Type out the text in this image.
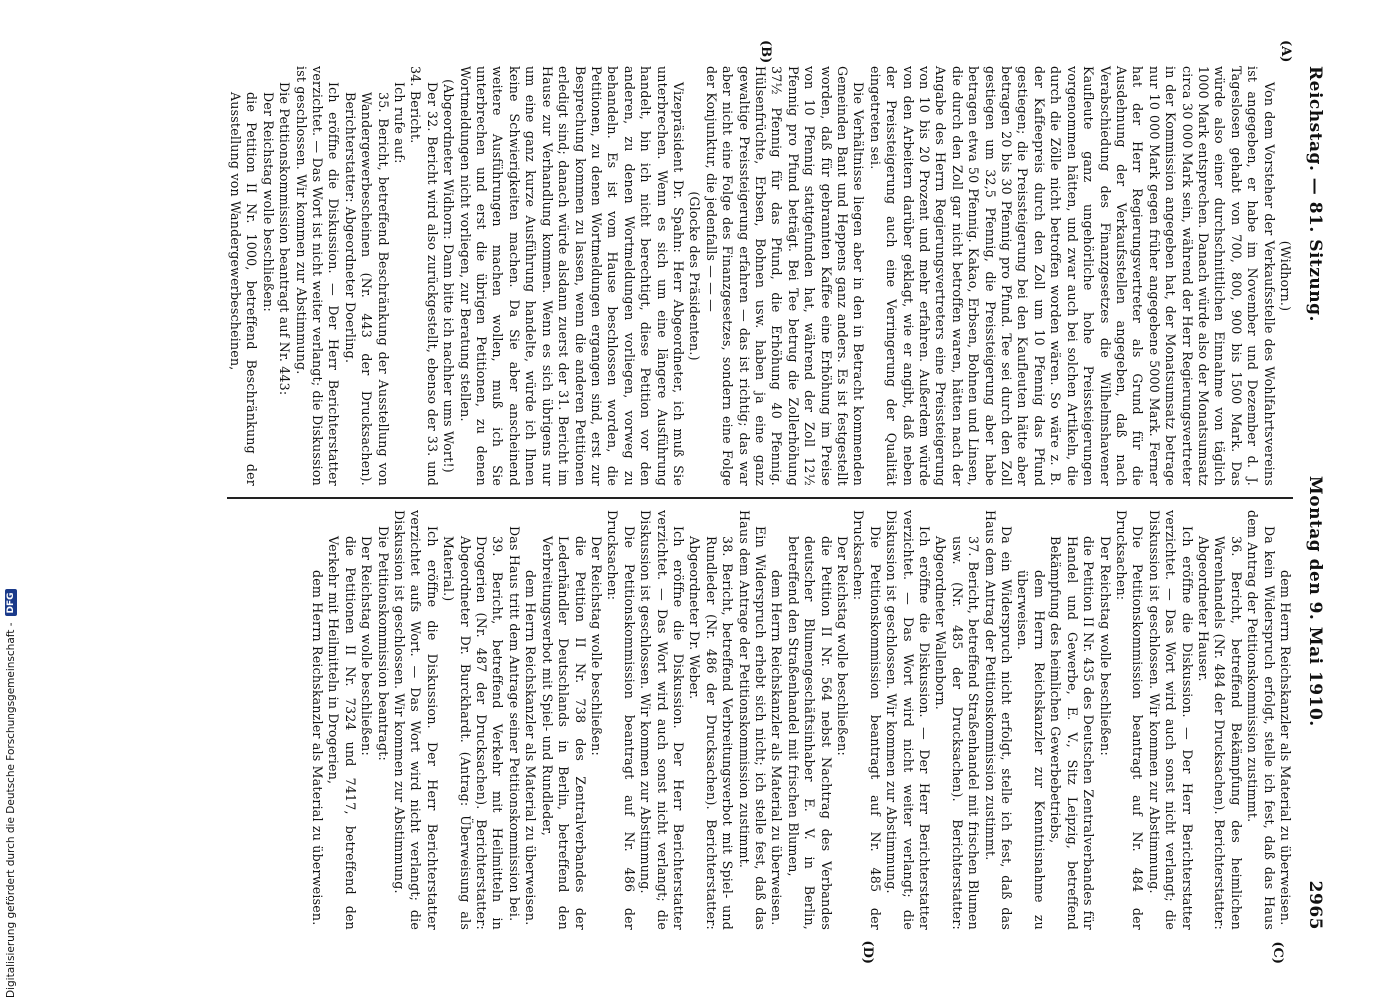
Reichstag. — 81. Sitzung.
Montag den 9. Mai 1910.
2965
(A)
(B)
(C)
(D)

(Widhorn.)

Von dem Vorsteher der Verkaufsstelle des Wohlfahrtsvereins ist angegeben, er habe im November und Dezember d. J. Tageslosen gehabt von 700, 800, 900 bis 1500 Mark. Das würde also einer durchschnittlichen Einnahme von täglich 1000 Mark entsprechen. Danach würde also der Monatsumsatz circa 30 000 Mark sein, während der Herr Regierungsvertreter in der Kommission angegeben hat, der Monatsumsatz betrage nur 10 000 Mark gegen früher angegebene 5000 Mark. Ferner hat der Herr Regierungsvertreter als Grund für die Ausdehnung der Verkaufsstellen angegeben, daß nach Verabschiedung des Finanzgesetzes die Wilhelmshavener Kaufleute ganz ungehörliche hohe Preissteigerungen vorgenommen hätten, und zwar auch bei solchen Artikeln, die durch die Zölle nicht betroffen worden wären. So wäre z. B. der Kaffeepreis durch den Zoll um 10 Pfennig das Pfund gestiegen; die Preissteigerung bei den Kaufleuten hätte aber betragen 20 bis 30 Pfennig pro Pfund. Tee sei durch den Zoll gestiegen um 32,5 Pfennig, die Preissteigerung aber habe betragen etwa 50 Pfennig. Kakao, Erbsen, Bohnen und Linsen, die durch den Zoll gar nicht betroffen waren, hätten nach der Angabe des Herrn Regierungsvertreters eine Preissteigerung von 10 bis 20 Prozent und mehr erfahren. Außerdem würde von den Arbeitern darüber geklagt, wie er angibt, daß neben der Preissteigerung auch eine Verringerung der Qualität eingetreten sei.

Die Verhältnisse liegen aber in den in Betracht kommenden Gemeinden Bant und Heppens ganz anders. Es ist festgestellt worden, daß für gebrannten Kaffee eine Erhöhung im Preise von 10 Pfennig stattgefunden hat, während der Zoll 12½ Pfennig pro Pfund beträgt. Bei Tee betrug die Zollerhöhung 37½ Pfennig für das Pfund, die Erhöhung 40 Pfennig. Hülsenfrüchte, Erbsen, Bohnen usw. haben ja eine ganz gewaltige Preissteigerung erfahren — das ist richtig; das war aber nicht eine Folge des Finanzgesetzes, sondern eine Folge der Konjunktur, die jedenfalls — — —

(Glocke des Präsidenten.)

Vizepräsident Dr. Spahn: Herr Abgeordneter, ich muß Sie unterbrechen. Wenn es sich um eine längere Ausführung handelt, bin ich nicht berechtigt, diese Petition vor den anderen, zu denen Wortmeldungen vorliegen, vorweg zu behandeln. Es ist vom Hause beschlossen worden, die Petitionen, zu denen Wortmeldungen ergangen sind, erst zur Besprechung kommen zu lassen, wenn die anderen Petitionen erledigt sind; danach würde alsdann zuerst der 31. Bericht im Hause zur Verhandlung kommen. Wenn es sich übrigens nur um eine ganz kurze Ausführung handelte, würde ich Ihnen keine Schwierigkeiten machen. Da Sie aber anscheinend weitere Ausführungen machen wollen, muß ich Sie unterbrechen und erst die übrigen Petitionen, zu denen Wortmeldungen nicht vorliegen, zur Beratung stellen.

(Abgeordneter Widhorn: Dann bitte ich nachher ums Wort!)

Der 32. Bericht wird also zurückgestellt, ebenso der 33. und 34. Bericht.

Ich rufe auf:

35. Bericht, betreffend Beschränkung der Ausstellung von Wandergewerbescheinen (Nr. 443 der Drucksachen). Berichterstatter: Abgeordneter Doerling.

Ich eröffne die Diskussion. — Der Herr Berichterstatter verzichtet. — Das Wort ist nicht weiter verlangt; die Diskussion ist geschlossen. Wir kommen zur Abstimmung.

Die Petitionskommission beantragt auf Nr. 443:

Der Reichstag wolle beschließen:

die Petition II Nr. 1000, betreffend Beschränkung der Ausstellung von Wandergewerbescheinen,

dem Herrn Reichskanzler als Material zu überweisen.

Da kein Widerspruch erfolgt, stelle ich fest, daß das Haus dem Antrag der Petitionskommission zustimmt.

36. Bericht, betreffend Bekämpfung des heimlichen Warenhandels (Nr. 484 der Drucksachen). Berichterstatter: Abgeordneter Hauser.

Ich eröffne die Diskussion. — Der Herr Berichterstatter verzichtet. — Das Wort wird auch sonst nicht verlangt; die Diskussion ist geschlossen. Wir kommen zur Abstimmung.

Die Petitionskommission beantragt auf Nr. 484 der Drucksachen:

Der Reichstag wolle beschließen:

die Petition II Nr. 435 des Deutschen Zentralverbandes für Handel und Gewerbe, E. V., Sitz Leipzig, betreffend Bekämpfung des heimlichen Gewerbebetriebs,

dem Herrn Reichskanzler zur Kenntnisnahme zu überweisen.

Da ein Widerspruch nicht erfolgt, stelle ich fest, daß das Haus dem Antrag der Petitionskommission zustimmt.

37. Bericht, betreffend Straßenhandel mit frischen Blumen usw. (Nr. 485 der Drucksachen). Berichterstatter: Abgeordneter Wallenborn.

Ich eröffne die Diskussion. — Der Herr Berichterstatter verzichtet. — Das Wort wird nicht weiter verlangt; die Diskussion ist geschlossen. Wir kommen zur Abstimmung.

Die Petitionskommission beantragt auf Nr. 485 der Drucksachen:

Der Reichstag wolle beschließen:

die Petition II Nr. 564 nebst Nachtrag des Verbandes deutscher Blumengeschäftsinhaber E. V. in Berlin, betreffend den Straßenhandel mit frischen Blumen,

dem Herrn Reichskanzler als Material zu überweisen.

Ein Widerspruch erhebt sich nicht; ich stelle fest, daß das Haus dem Antrage der Petitionskommission zustimmt.

38. Bericht, betreffend Verbreitungsverbot mit Spiel- und Rundleder (Nr. 486 der Drucksachen). Berichterstatter: Abgeordneter Dr. Weber.

Ich eröffne die Diskussion. Der Herr Berichterstatter verzichtet. — Das Wort wird auch sonst nicht verlangt; die Diskussion ist geschlossen. Wir kommen zur Abstimmung.

Die Petitionskommission beantragt auf Nr. 486 der Drucksachen:

Der Reichstag wolle beschließen:

die Petition II Nr. 738 des Zentralverbandes der Lederhändler Deutschlands in Berlin, betreffend den Verbreitungsverbot mit Spiel- und Rundleder,

dem Herrn Reichskanzler als Material zu überweisen.

Das Haus tritt dem Antrage seiner Petitionskommission bei.

39. Bericht, betreffend Verkehr mit Heilmitteln in Drogerien (Nr. 487 der Drucksachen). Berichterstatter: Abgeordneter Dr. Burckhardt. (Antrag: Überweisung als Material.)

Ich eröffne die Diskussion. Der Herr Berichterstatter verzichtet aufs Wort. — Das Wort wird nicht verlangt; die Diskussion ist geschlossen. Wir kommen zur Abstimmung.

Die Petitionskommission beantragt:

Der Reichstag wolle beschließen:

die Petitionen II Nr. 7324 und 7417, betreffend den Verkehr mit Heilmitteln in Drogerien,

dem Herrn Reichskanzler als Material zu überweisen.

Digitalisierung gefördert durch die Deutsche Forschungsgemeinschaft -
DFG
